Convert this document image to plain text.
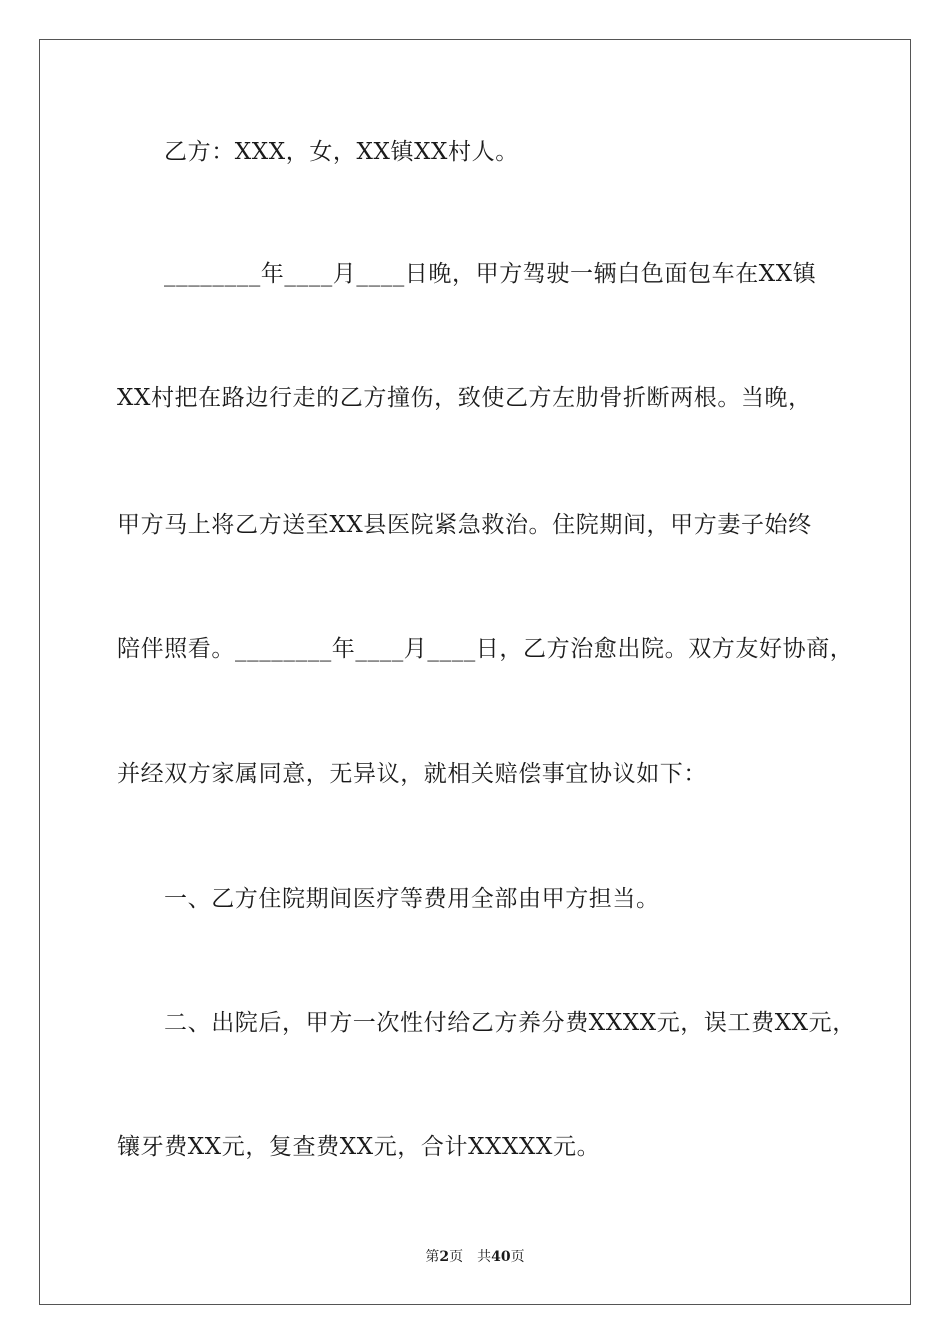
乙方：XXX，女，XX镇XX村人。
________年____月____日晚，甲方驾驶一辆白色面包车在XX镇
XX村把在路边行走的乙方撞伤，致使乙方左肋骨折断两根。当晚，
甲方马上将乙方送至XX县医院紧急救治。住院期间，甲方妻子始终
陪伴照看。________年____月____日，乙方治愈出院。双方友好协商，
并经双方家属同意，无异议，就相关赔偿事宜协议如下：
一、乙方住院期间医疗等费用全部由甲方担当。
二、出院后，甲方一次性付给乙方养分费XXXX元，误工费XX元，
镶牙费XX元，复查费XX元，合计XXXXX元。
第2页 共40页
